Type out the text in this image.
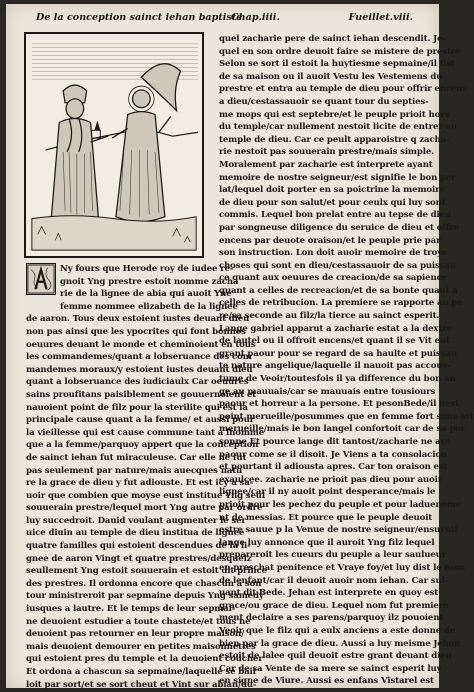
De la conception sainct iehan baptiste
Chap.iiii.	Fueillet.viii.
Ny fours que Herode roy de iudee re-
gnoit Yng prestre estoit nomme zacha
rie de la lignee de abia qui auoit Yne
femme nommee elizabeth de la lignee
de aaron. Tous deux estoient iustes deuant dieu
non pas ainsi que les ypocrites qui font bonnes
oeuures deuant le monde et cheminoient en tous
les commandemes/quant a lobseruance des com
mandemes moraux/y estoient iustes deuant dieu
quant a lobseruance des iudiciaulx Car oeuures
sains proufitans paisiblement se gouuernoient et
nauoient point de filz pour la sterilite qui est la
principale cause quant a la femme/ et aussi pour
la vieillesse qui est cause commune tant a lhomme
que a la femme/parquoy appert que la conception
de sainct iehan fut miraculeuse. Car elle ne fut
pas seulement par nature/mais auecques natu
re la grace de dieu y fut adiouste. Et est icy a sa-
uoir que combien que moyse eust institue Yng seul
souuerain prestre/lequel mort Yng autre par ordre
luy succedroit. Dauid voulant augmenter le ser
uice diuin au temple de dieu institua de lignee
quatre familles qui estoient descendues de la li-
gnee de aaron Vingt et quatre prestres/desquelz
seullement Yng estoit souuerain et estoit dit prince
des prestres. Il ordonna encore que chascun a son
tour ministreroit par sepmaine depuis Yng samedy
iusques a lautre. Et le temps de leur sepmai-
ne deuoient estudier a toute chastete/et tous ne
deuoient pas retourner en leur propre maison/
mais deuoient demourer en petites maisonnettes
qui estoient pres du temple et la deuoient coucher
Et ordona a chascun sa sepmaine/laquelle se bail
loit par sort/et se sort cheut et Vint sur abian/du-
quel zacharie pere de sainct iehan descendit. Je-
quel en son ordre deuoit faire se mistere de prestre
Selon se sort il estoit la huytiesme sepmaine/il fist
de sa maison ou il auoit Vestu les Vestemens du
prestre et entra au temple de dieu pour offrir encens
a dieu/cestassauoir se quant tour du septies-
me mops qui est septebre/et le peuple prioit hors
du temple/car nullement nestoit licite de entrer au
temple de dieu. Car ce peult apparoistre q zacha-
rie nestoit pas souuerain prestre/mais simple.
Moralement par zacharie est interprete ayant
memoire de nostre seigneur/est signifie le bon per
lat/lequel doit porter en sa poictrine la memoire
de dieu pour son salut/et pour ceulx qui luy sont
commis. Lequel bon prelat entre au tepse de dieu
par songneuse diligence du seruice de dieu et offre
encens par deuote oraison/et le peuple prie par
son instruction. Lon doit auoir memoire de troys
choses qui sont en dieu/cestassauoir de sa puissan
ce quant aux oeuures de creacion/de sa sapience
quant a celles de recreacion/et de sa bonte quant a
celles de retribucion. La premiere se rapporte au pe
re/sa seconde au filz/la tierce au sainct esperit.
Lange gabriel apparut a zacharie estat a la dextre
de lautel ou il offroit encens/et quant il se Vit eut
grant paour pour se regard de sa haulte et puissan
te nature angelique/laquelle il nauoit pas accous-
tume de Veoir/toutesfois il ya difference du bon an
ge au mauuais/car se mauuais entre tousiours
paour et horreur a la persone. Et pesonBede/il nest
point merueille/posummes que en femme fort sans ert
merueille/mais le bon langel confortoit car de sa per
sonne Et pource lange dit tantost/zacharie ne aye
paour come se il disoit. Je Viens a ta consolacion
et pourtant il adiousta apres. Car ton oraison est
exaulcee. zacharie ne prioit pas dieu pour auoir
lignee/car il ny auoit point desperance/mais le
prioit pour les pechez du peuple et pour ladueneme
nt de messias. Et pource que le peuple deuoit
estre sauue p la Venue de nostre seigneur/ensuyuit
lange luy annonce que il auroit Yng filz lequel
prepareroit les cueurs du peuple a leur saulueur
en preschat penitence et Vraye foy/et luy dist le nom
de lenfant/car il deuoit auoir nom iehan. Car sui-
uant dit Bede. Jehan est interprete en quoy est
grace/ou grace de dieu. Lequel nom fut premiere
ment declaire a ses parens/parquoy ilz pouoient
Veoir que le filz qui a eulx anciens a este donne de
bien par la grace de dieu. Aussi a luy meisme Jehan
estoit de lalee quil deuoit estre grant deuant dieu
Car de sa Vente de sa mere se sainct esperit luy
en signe de Viure. Aussi es enfans Vistarel est
